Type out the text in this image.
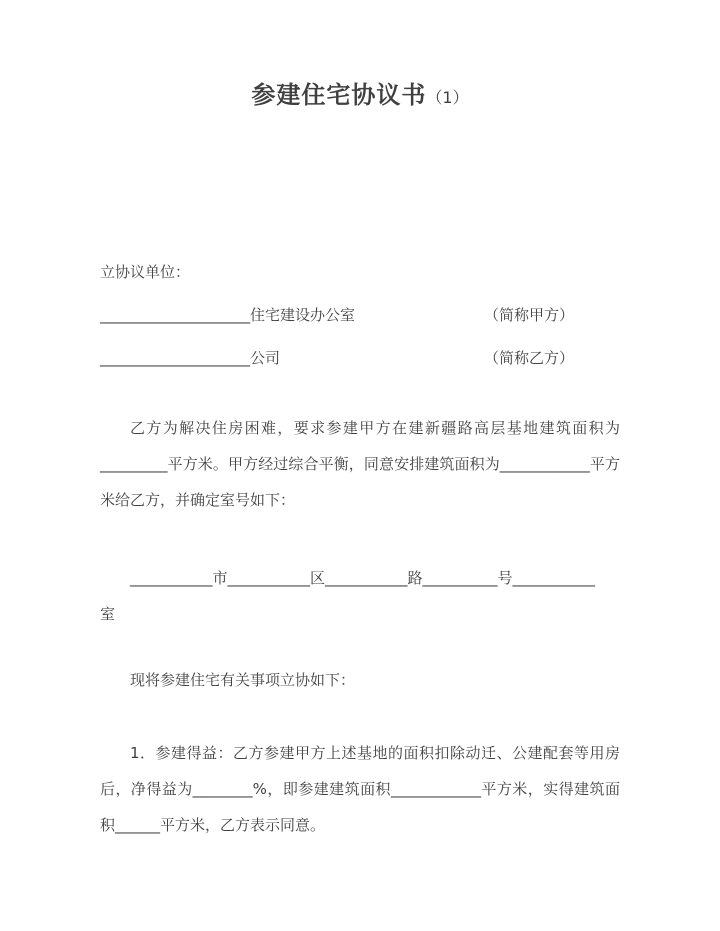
参建住宅协议书（1）
立协议单位：
____________________住宅建设办公室	（简称甲方）
____________________公司	（简称乙方）
乙方为解决住房困难，要求参建甲方在建新疆路高层基地建筑面积为_________平方米。甲方经过综合平衡，同意安排建筑面积为____________平方米给乙方，并确定室号如下：
___________市___________区___________路__________号___________
室
现将参建住宅有关事项立协如下：
1．参建得益：乙方参建甲方上述基地的面积扣除动迁、公建配套等用房后，净得益为________%，即参建建筑面积____________平方米，实得建筑面积______平方米，乙方表示同意。
